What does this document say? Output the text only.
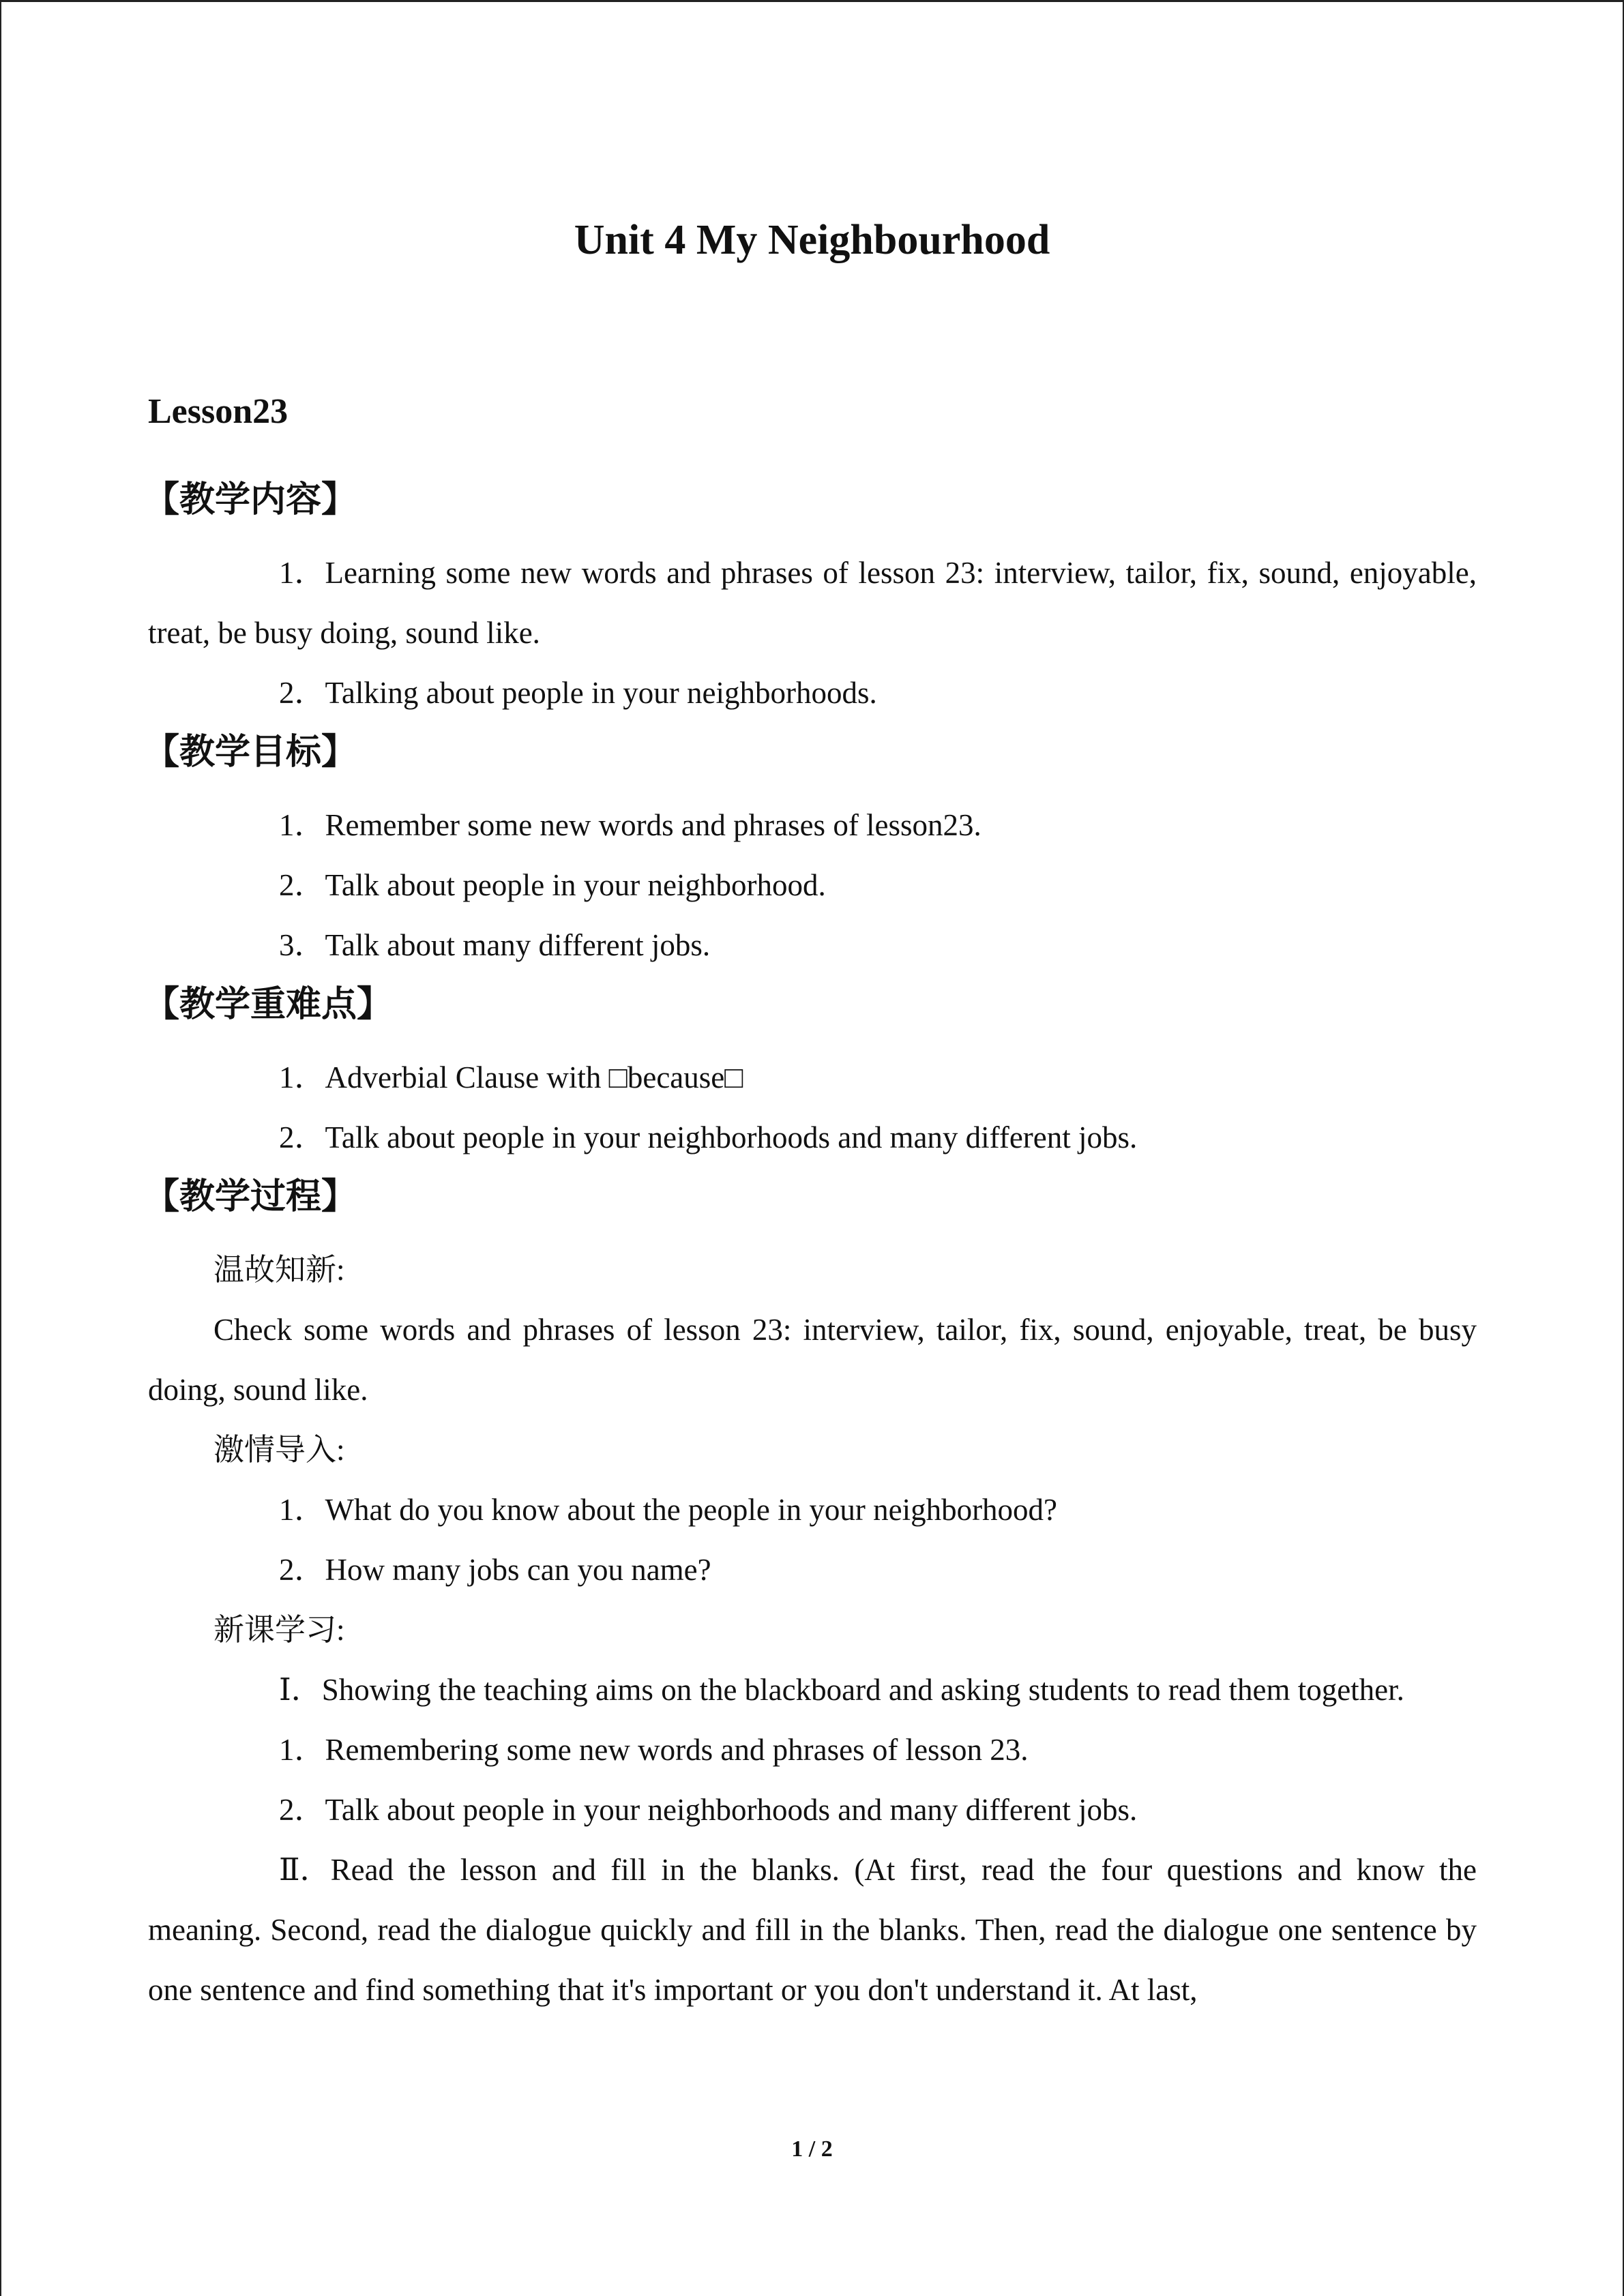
Unit 4 My Neighbourhood
Lesson23
【教学内容】
1．Learning some new words and phrases of lesson 23: interview, tailor, fix, sound, enjoyable, treat, be busy doing, sound like.
2．Talking about people in your neighborhoods.
【教学目标】
1．Remember some new words and phrases of lesson23.
2．Talk about people in your neighborhood.
3．Talk about many different jobs.
【教学重难点】
1．Adverbial Clause with □because□
2．Talk about people in your neighborhoods and many different jobs.
【教学过程】
温故知新:
Check some words and phrases of lesson 23: interview, tailor, fix, sound, enjoyable, treat, be busy doing, sound like.
激情导入:
1．What do you know about the people in your neighborhood?
2．How many jobs can you name?
新课学习:
Ⅰ．Showing the teaching aims on the blackboard and asking students to read them together.
1．Remembering some new words and phrases of lesson 23.
2．Talk about people in your neighborhoods and many different jobs.
Ⅱ．Read the lesson and fill in the blanks. (At first, read the four questions and know the meaning. Second, read the dialogue quickly and fill in the blanks. Then, read the dialogue one sentence by one sentence and find something that it's important or you don't understand it. At last,
1 / 2
